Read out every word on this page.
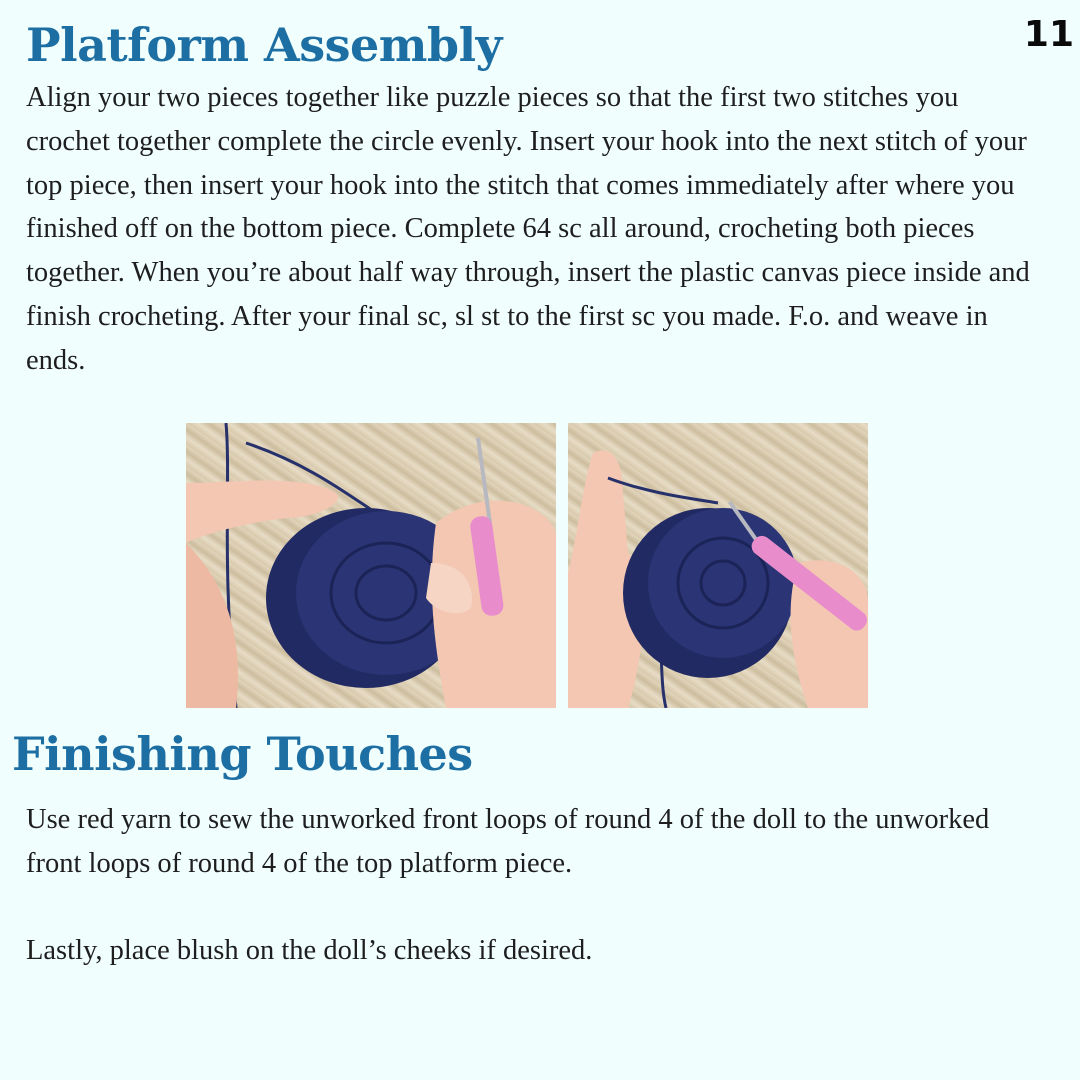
11
Platform Assembly

Align your two pieces together like puzzle pieces so that the first two stitches you crochet together complete the circle evenly. Insert your hook into the next stitch of your top piece, then insert your hook into the stitch that comes immediately after where you finished off on the bottom piece. Complete 64 sc all around, crocheting both pieces together. When you’re about half way through, insert the plastic canvas piece inside and finish crocheting. After your final sc, sl st to the first sc you made. F.o. and weave in ends.

Finishing Touches

Use red yarn to sew the unworked front loops of round 4 of the doll to the unworked front loops of round 4 of the top platform piece.

Lastly, place blush on the doll’s cheeks if desired.
